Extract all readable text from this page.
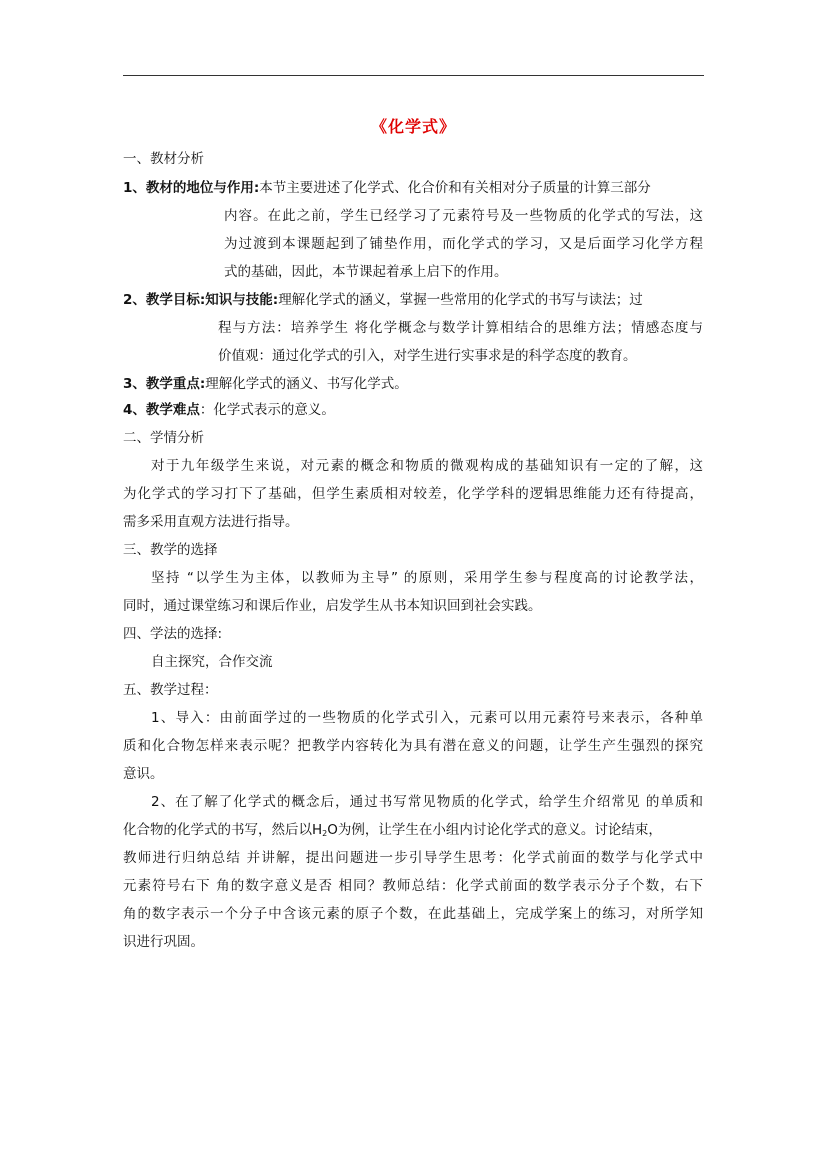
《化学式》
一、教材分析
1、教材的地位与作用:本节主要进述了化学式、化合价和有关相对分子质量的计算三部分
内容。在此之前，学生已经学习了元素符号及一些物质的化学式的写法，这
为过渡到本课题起到了铺垫作用，而化学式的学习，又是后面学习化学方程
式的基础，因此，本节课起着承上启下的作用。
2、教学目标:知识与技能:理解化学式的涵义，掌握一些常用的化学式的书写与读法；过
程与方法：培养学生 将化学概念与数学计算相结合的思维方法；情感态度与
价值观：通过化学式的引入，对学生进行实事求是的科学态度的教育。
3、教学重点:理解化学式的涵义、书写化学式。
4、教学难点：化学式表示的意义。
二、学情分析
对于九年级学生来说，对元素的概念和物质的微观构成的基础知识有一定的了解，这
为化学式的学习打下了基础，但学生素质相对较差，化学学科的逻辑思维能力还有待提高，
需多采用直观方法进行指导。
三、教学的选择
坚持 “以学生为主体，以教师为主导” 的原则，采用学生参与程度高的讨论教学法，
同时，通过课堂练习和课后作业，启发学生从书本知识回到社会实践。
四、学法的选择:
自主探究，合作交流
五、教学过程：
1、导入：由前面学过的一些物质的化学式引入，元素可以用元素符号来表示，各种单
质和化合物怎样来表示呢？把教学内容转化为具有潜在意义的问题，让学生产生强烈的探究
意识。
2、在了解了化学式的概念后，通过书写常见物质的化学式，给学生介绍常见 的单质和
化合物的化学式的书写，然后以$H_2O$为例，让学生在小组内讨论化学式的意义。讨论结束，
教师进行归纳总结 并讲解，提出问题进一步引导学生思考：化学式前面的数学与化学式中
元素符号右下 角的数字意义是否 相同？教师总结：化学式前面的数学表示分子个数，右下
角的数字表示一个分子中含该元素的原子个数，在此基础上，完成学案上的练习，对所学知
识进行巩固。
